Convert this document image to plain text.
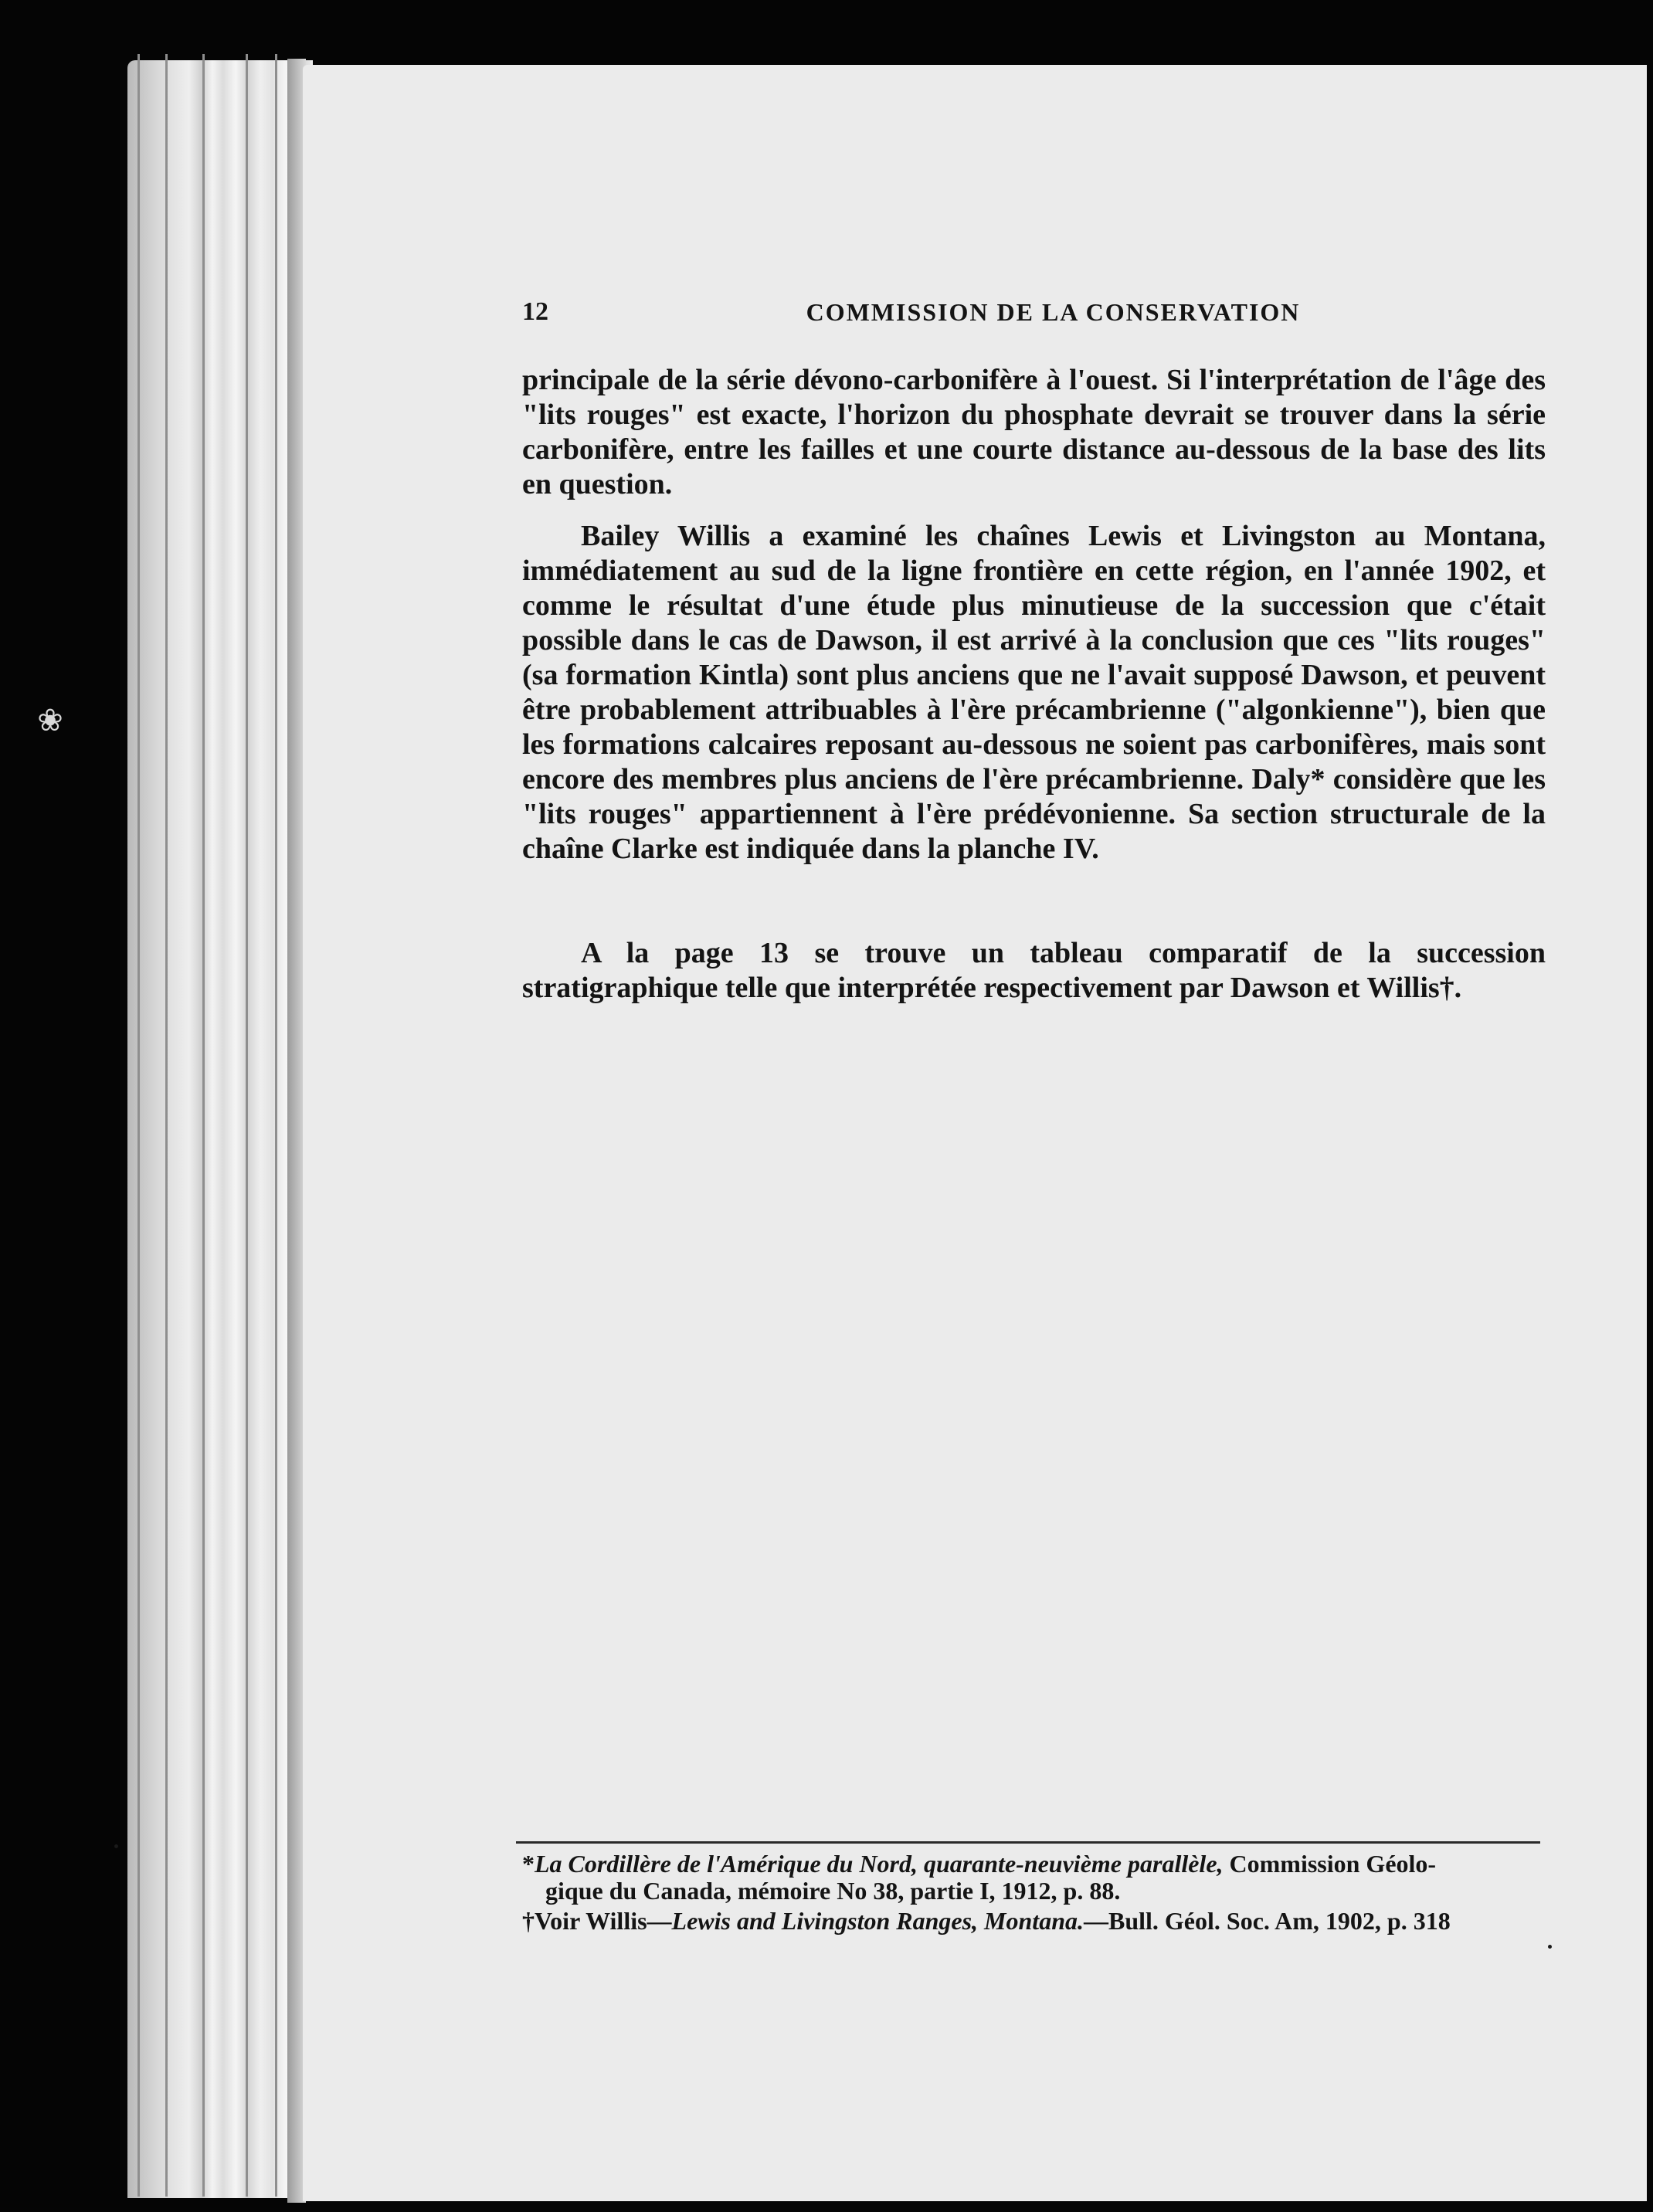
❀
12	COMMISSION DE LA CONSERVATION

principale de la série dévono-carbonifère à l'ouest. Si l'interprétation de l'âge des "lits rouges" est exacte, l'horizon du phosphate devrait se trouver dans la série carbonifère, entre les failles et une courte distance au-dessous de la base des lits en question.

Bailey Willis a examiné les chaînes Lewis et Livingston au Montana, immédiatement au sud de la ligne frontière en cette région, en l'année 1902, et comme le résultat d'une étude plus minutieuse de la succession que c'était possible dans le cas de Dawson, il est arrivé à la conclusion que ces "lits rouges" (sa formation Kintla) sont plus anciens que ne l'avait supposé Dawson, et peuvent être probablement attribuables à l'ère précambrienne ("algonkienne"), bien que les formations calcaires reposant au-dessous ne soient pas carbonifères, mais sont encore des membres plus anciens de l'ère précambrienne. Daly* considère que les "lits rouges" appartiennent à l'ère prédévonienne. Sa section structurale de la chaîne Clarke est indiquée dans la planche IV.

A la page 13 se trouve un tableau comparatif de la succession stratigraphique telle que interprétée respectivement par Dawson et Willis†.

*La Cordillère de l'Amérique du Nord, quarante-neuvième parallèle, Commission Géolo-
gique du Canada, mémoire No 38, partie I, 1912, p. 88.

†Voir Willis—Lewis and Livingston Ranges, Montana.—Bull. Géol. Soc. Am, 1902, p. 318
